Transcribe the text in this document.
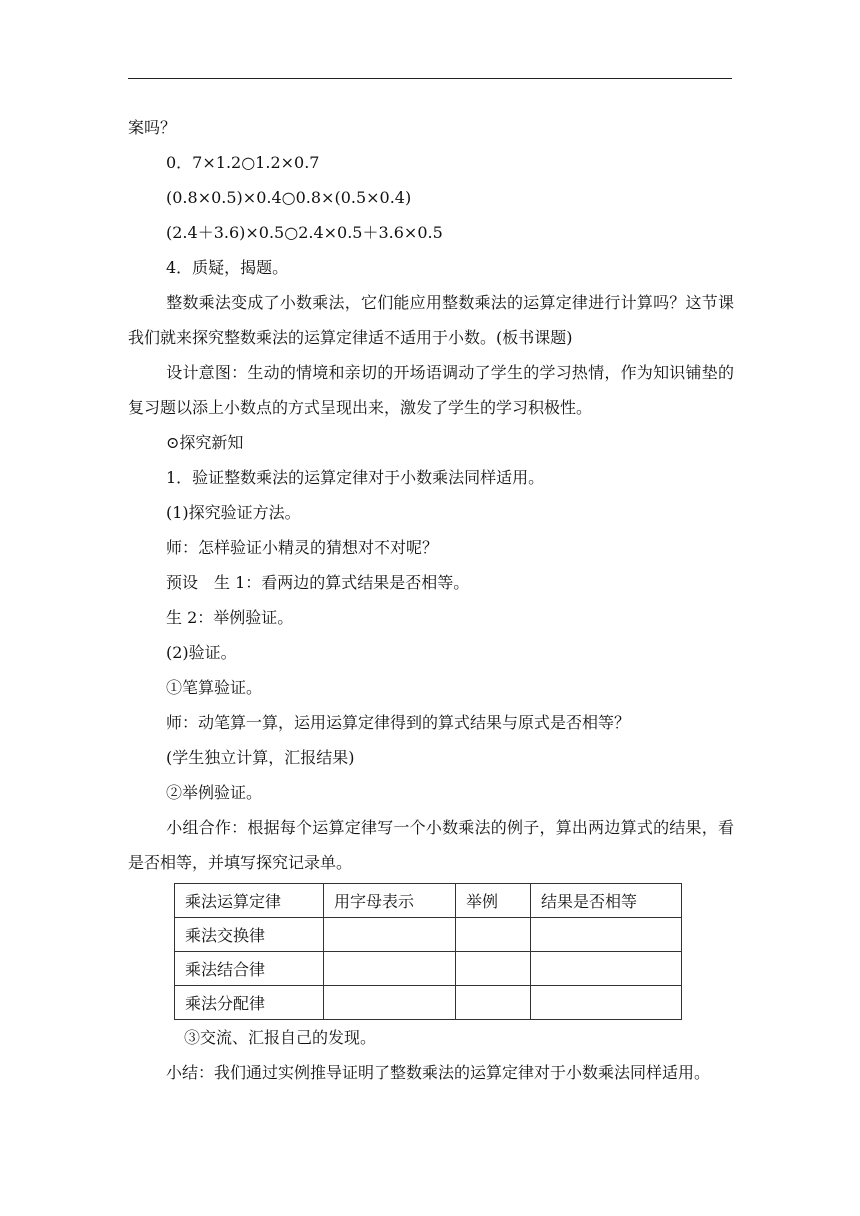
案吗？
0．7×1.2○1.2×0.7
(0.8×0.5)×0.4○0.8×(0.5×0.4)
(2.4＋3.6)×0.5○2.4×0.5＋3.6×0.5
4．质疑，揭题。
整数乘法变成了小数乘法，它们能应用整数乘法的运算定律进行计算吗？这节课我们就来探究整数乘法的运算定律适不适用于小数。(板书课题)
设计意图：生动的情境和亲切的开场语调动了学生的学习热情，作为知识铺垫的复习题以添上小数点的方式呈现出来，激发了学生的学习积极性。
⊙探究新知
1．验证整数乘法的运算定律对于小数乘法同样适用。
(1)探究验证方法。
师：怎样验证小精灵的猜想对不对呢？
预设　生 1：看两边的算式结果是否相等。
生 2：举例验证。
(2)验证。
①笔算验证。
师：动笔算一算，运用运算定律得到的算式结果与原式是否相等？
(学生独立计算，汇报结果)
②举例验证。
小组合作：根据每个运算定律写一个小数乘法的例子，算出两边算式的结果，看是否相等，并填写探究记录单。
乘法运算定律	用字母表示	举例	结果是否相等
乘法交换律			
乘法结合律			
乘法分配律			
③交流、汇报自己的发现。
小结：我们通过实例推导证明了整数乘法的运算定律对于小数乘法同样适用。
